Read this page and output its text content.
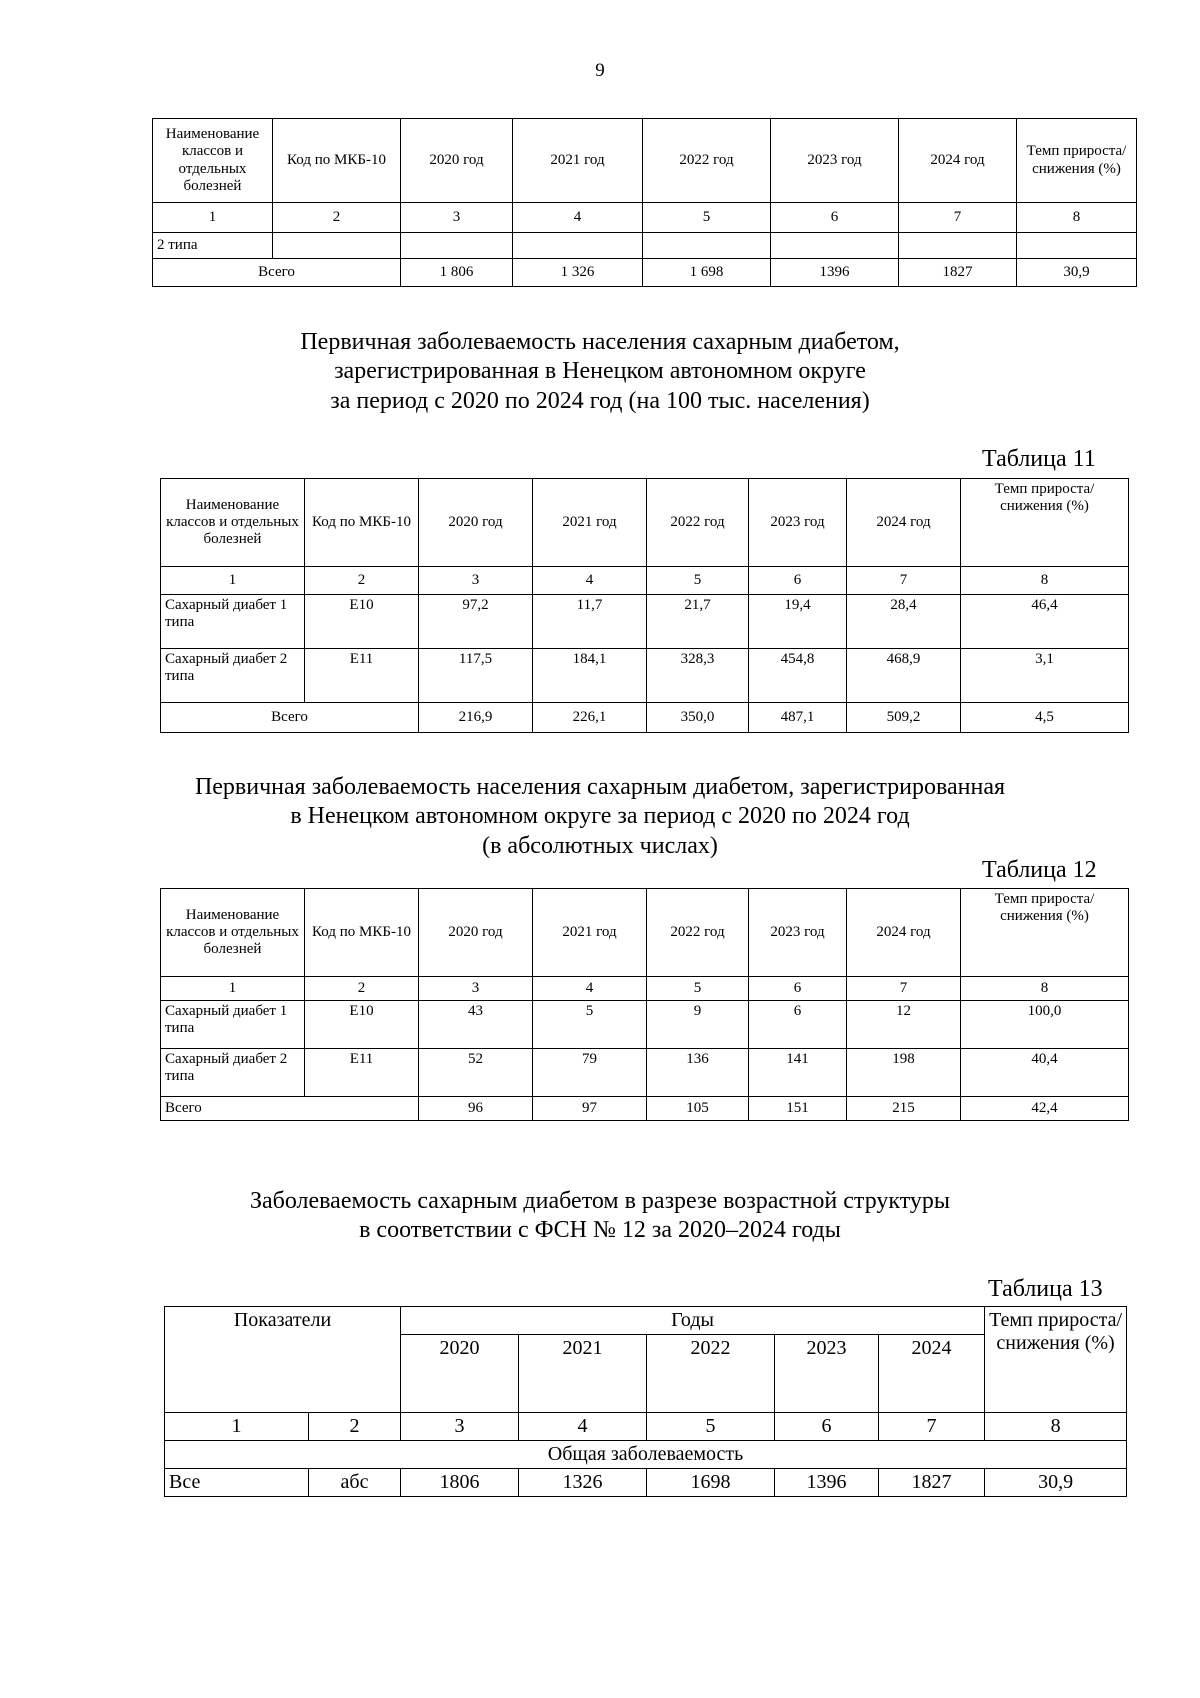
9
Наименование классов и отдельных болезней	Код по МКБ-10	2020 год	2021 год	2022 год	2023 год	2024 год	Темп прироста/ снижения (%)
1	2	3	4	5	6	7	8
2 типа							
Всего		1 806	1 326	1 698	1396	1827	30,9
Первичная заболеваемость населения сахарным диабетом,
зарегистрированная в Ненецком автономном округе
за период с 2020 по 2024 год (на 100 тыс. населения)
Таблица 11
Наименование классов и отдельных болезней	Код по МКБ-10	2020 год	2021 год	2022 год	2023 год	2024 год	Темп прироста/ снижения (%)
1	2	3	4	5	6	7	8
Сахарный диабет 1 типа	Е10	97,2	11,7	21,7	19,4	28,4	46,4
Сахарный диабет 2 типа	Е11	117,5	184,1	328,3	454,8	468,9	3,1
Всего		216,9	226,1	350,0	487,1	509,2	4,5
Первичная заболеваемость населения сахарным диабетом, зарегистрированная
в Ненецком автономном округе за период с 2020 по 2024 год
(в абсолютных числах)
Таблица 12
Наименование классов и отдельных болезней	Код по МКБ-10	2020 год	2021 год	2022 год	2023 год	2024 год	Темп прироста/ снижения (%)
1	2	3	4	5	6	7	8
Сахарный диабет 1 типа	Е10	43	5	9	6	12	100,0
Сахарный диабет 2 типа	Е11	52	79	136	141	198	40,4
Всего		96	97	105	151	215	42,4
Заболеваемость сахарным диабетом в разрезе возрастной структуры
в соответствии с ФСН № 12 за 2020–2024 годы
Таблица 13
Показатели		Годы					Темп прироста/ снижения (%)
		2020	2021	2022	2023	2024	
1	2	3	4	5	6	7	8
Общая заболеваемость							
Все	абс	1806	1326	1698	1396	1827	30,9
